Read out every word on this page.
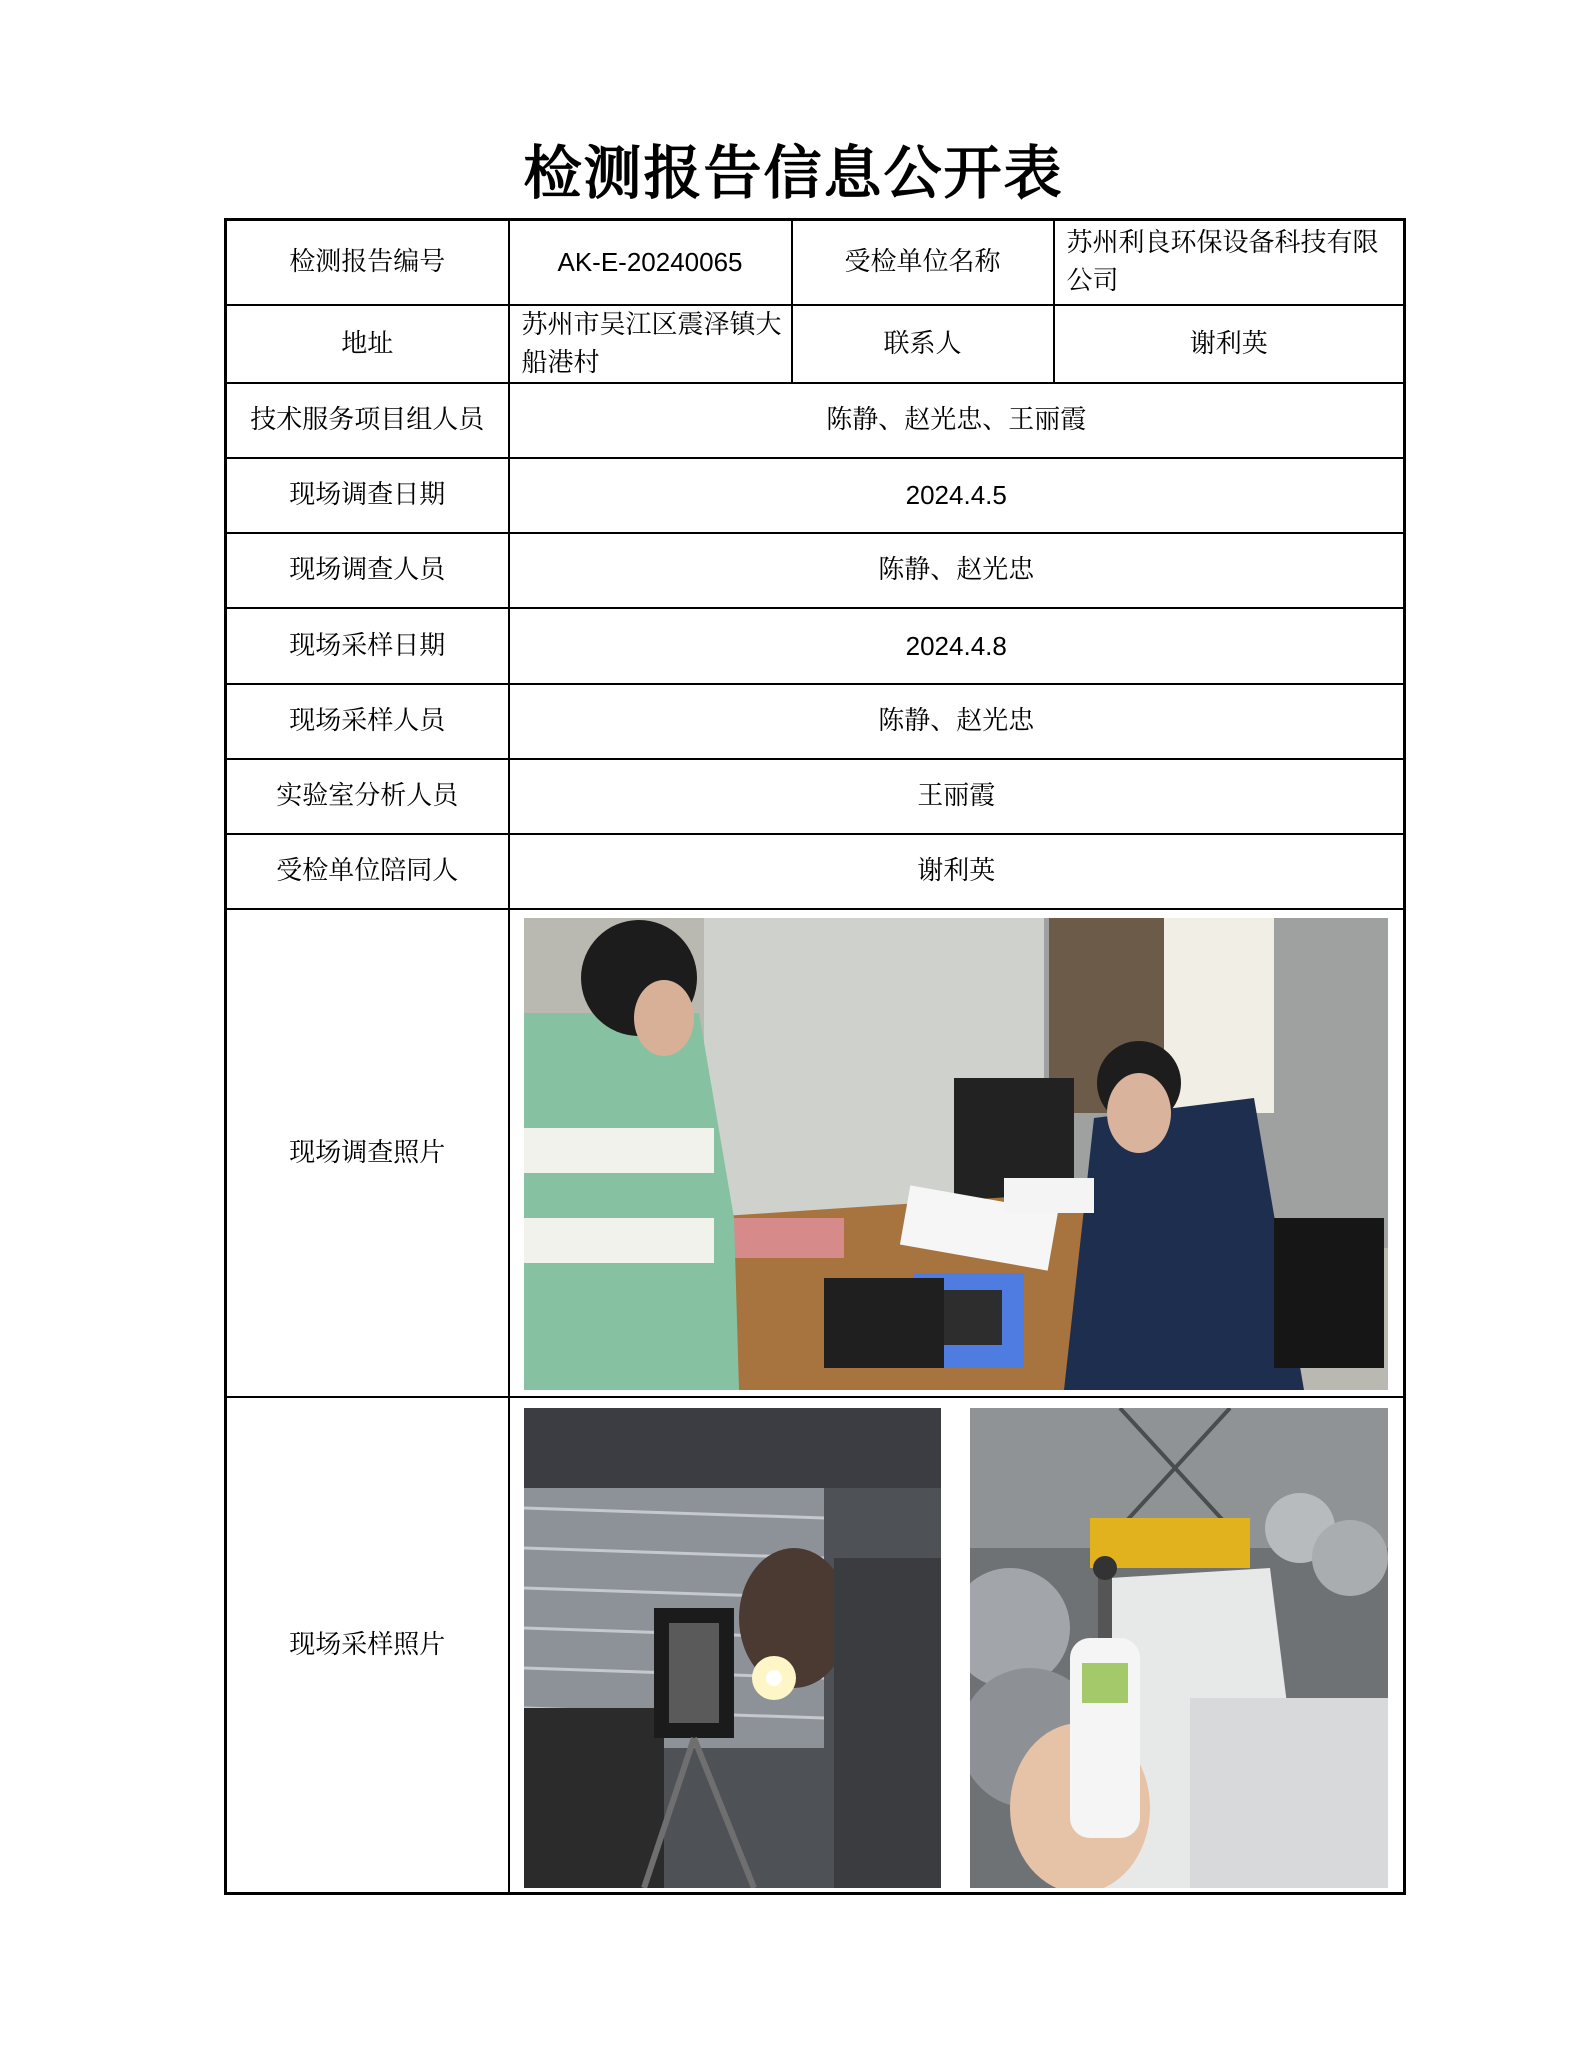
检测报告信息公开表
检测报告编号	AK-E-20240065	受检单位名称	苏州利良环保设备科技有限公司
地址	苏州市吴江区震泽镇大船港村	联系人	谢利英
技术服务项目组人员	陈静、赵光忠、王丽霞		
现场调查日期	2024.4.5		
现场调查人员	陈静、赵光忠		
现场采样日期	2024.4.8		
现场采样人员	陈静、赵光忠		
实验室分析人员	王丽霞		
受检单位陪同人	谢利英		
现场调查照片	

现场采样照片	
